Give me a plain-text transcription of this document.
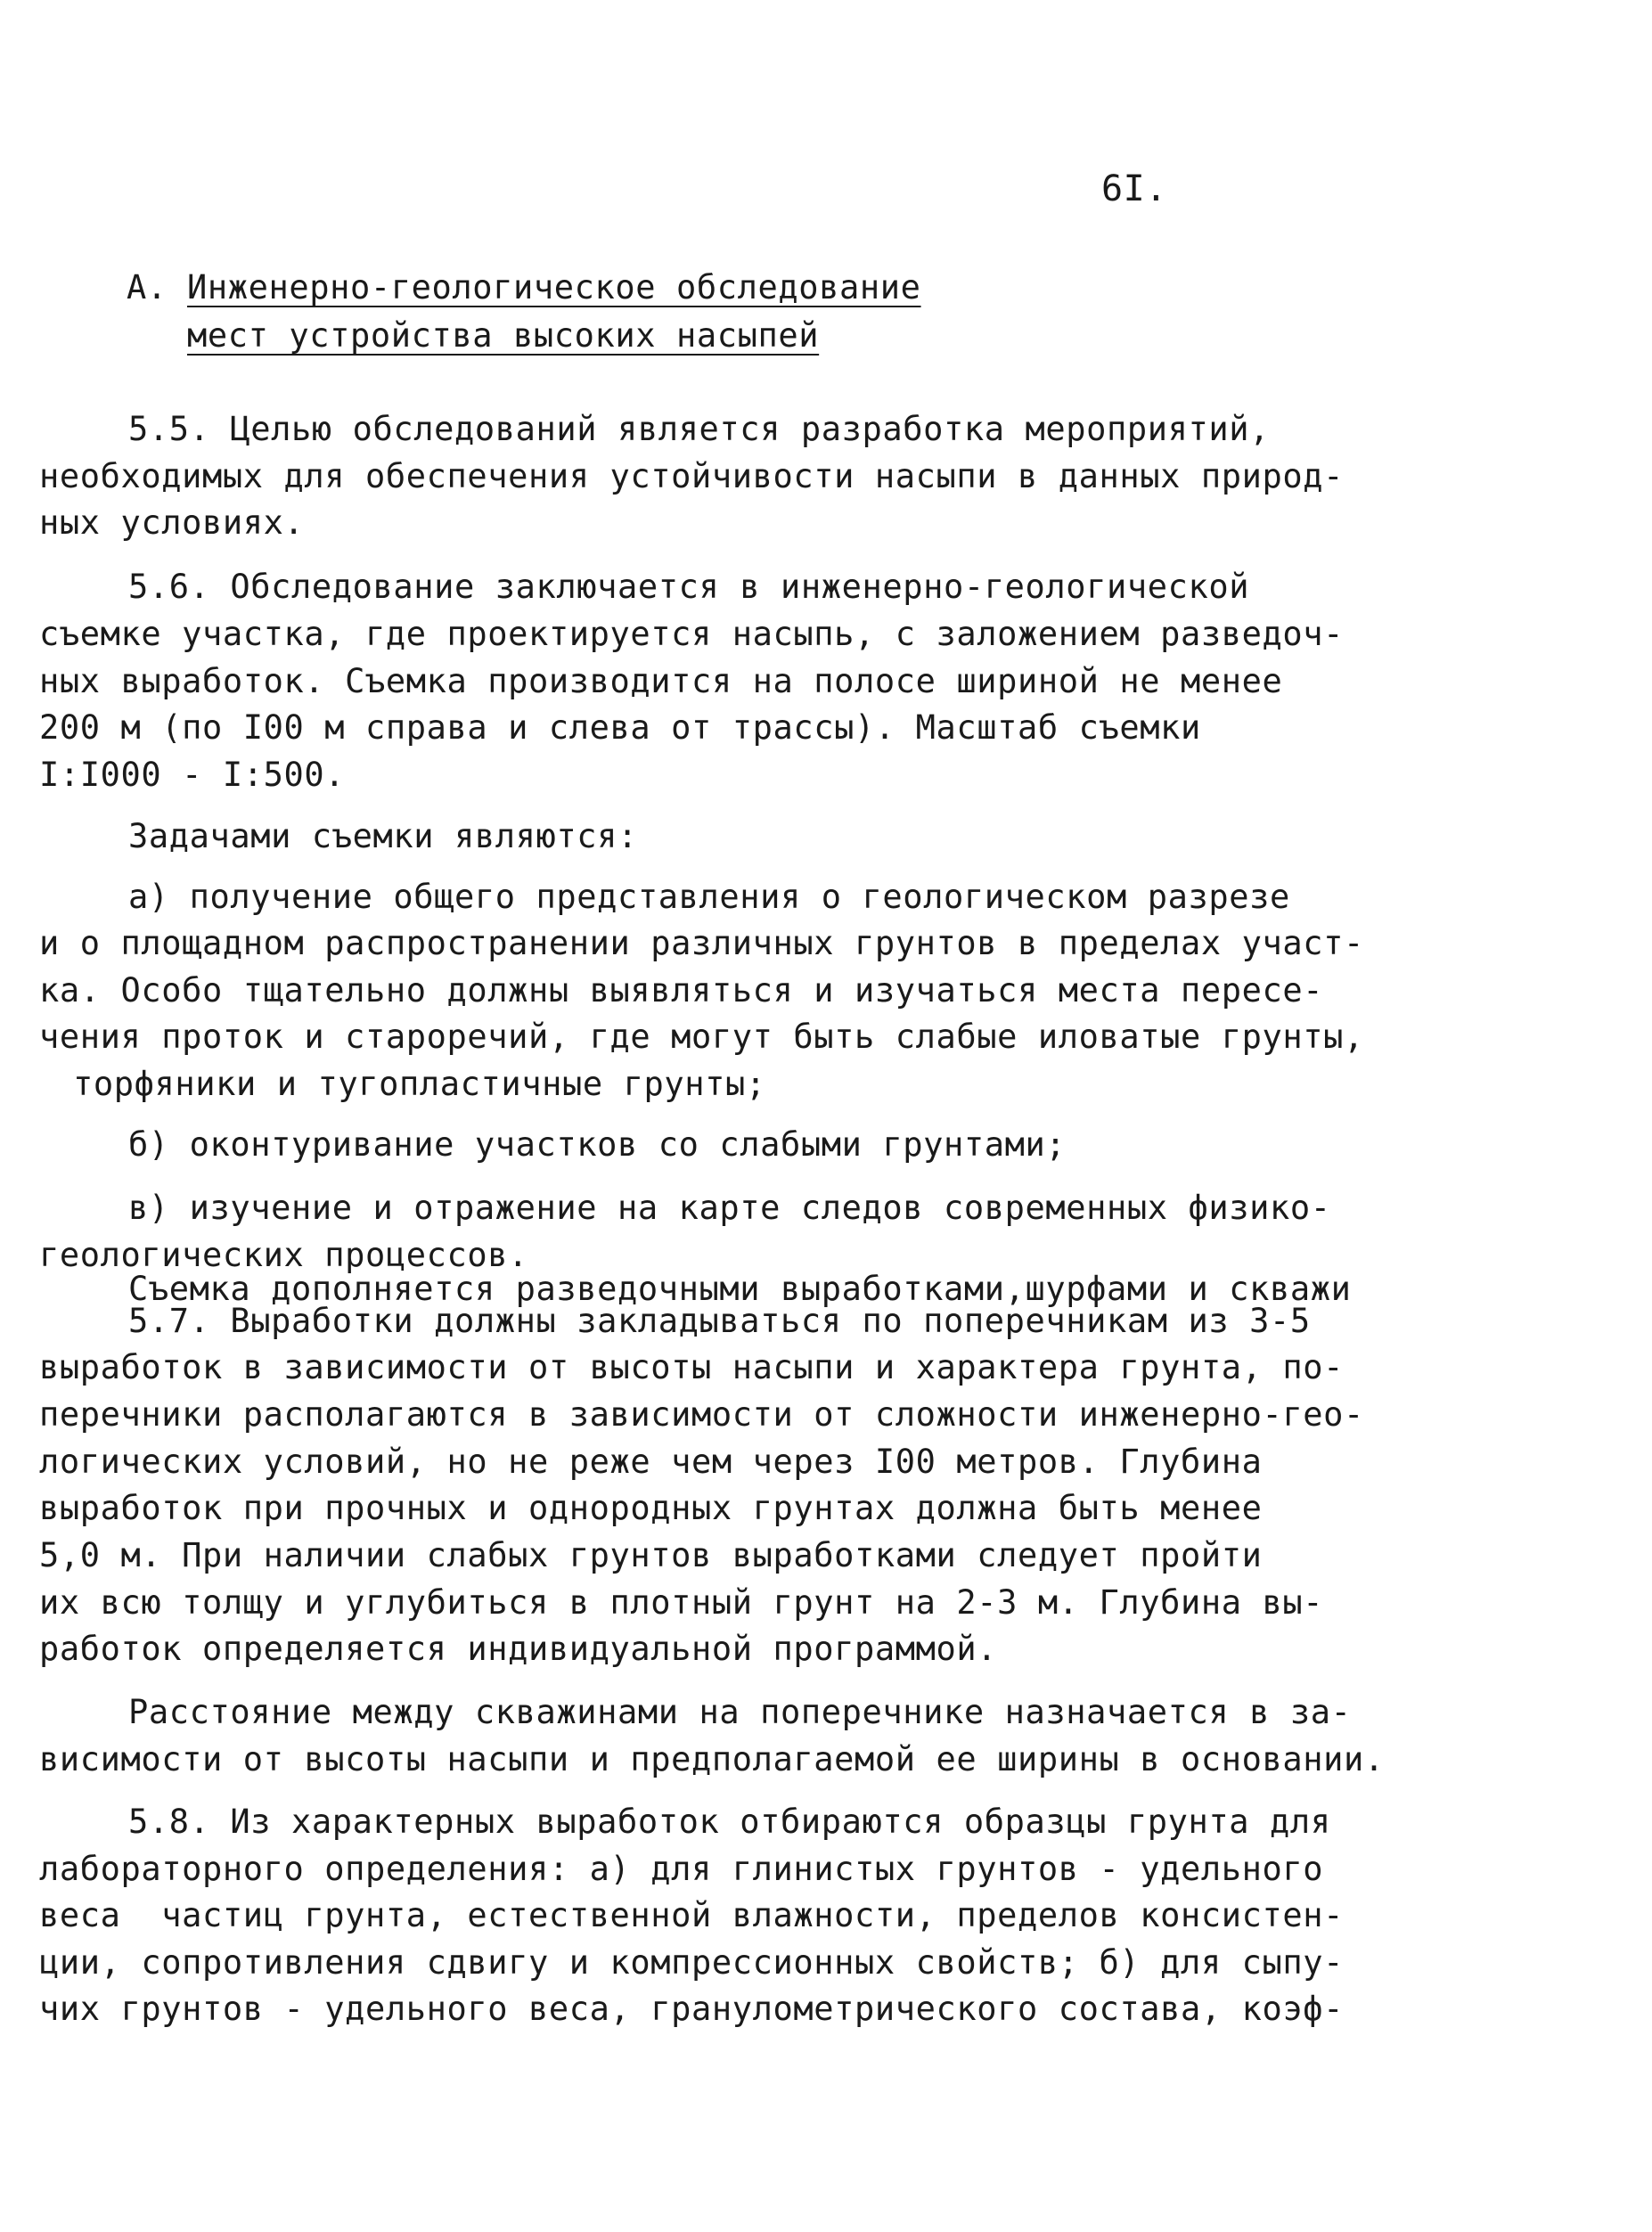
6I.
А. Инженерно-геологическое обследование
мест устройства высоких насыпей
5.5. Целью обследований является разработка мероприятий,
необходимых для обеспечения устойчивости насыпи в данных природ-
ных условиях.
5.6. Обследование заключается в инженерно-геологической
съемке участка, где проектируется насыпь, с заложением разведоч-
ных выработок. Съемка производится на полосе шириной не менее
200 м (по I00 м справа и слева от трассы). Масштаб съемки
I:I000 - I:500.
Задачами съемки являются:
а) получение общего представления о геологическом разрезе
и о площадном распространении различных грунтов в пределах участ-
ка. Особо тщательно должны выявляться и изучаться места пересе-
чения проток и староречий, где могут быть слабые иловатые грунты,
торфяники и тугопластичные грунты;
б) оконтуривание участков со слабыми грунтами;
в) изучение и отражение на карте следов современных физико-
геологических процессов.
Съемка дополняется разведочными выработками,шурфами и скважи
5.7. Выработки должны закладываться по поперечникам из 3-5
выработок в зависимости от высоты насыпи и характера грунта, по-
перечники располагаются в зависимости от сложности инженерно-гео-
логических условий, но не реже чем через I00 метров. Глубина
выработок при прочных и однородных грунтах должна быть менее
5,0 м. При наличии слабых грунтов выработками следует пройти
их всю толщу и углубиться в плотный грунт на 2-3 м. Глубина вы-
работок определяется индивидуальной программой.
Расстояние между скважинами на поперечнике назначается в за-
висимости от высоты насыпи и предполагаемой ее ширины в основании.
5.8. Из характерных выработок отбираются образцы грунта для
лабораторного определения: а) для глинистых грунтов - удельного
веса  частиц грунта, естественной влажности, пределов консистен-
ции, сопротивления сдвигу и компрессионных свойств; б) для сыпу-
чих грунтов - удельного веса, гранулометрического состава, коэф-
